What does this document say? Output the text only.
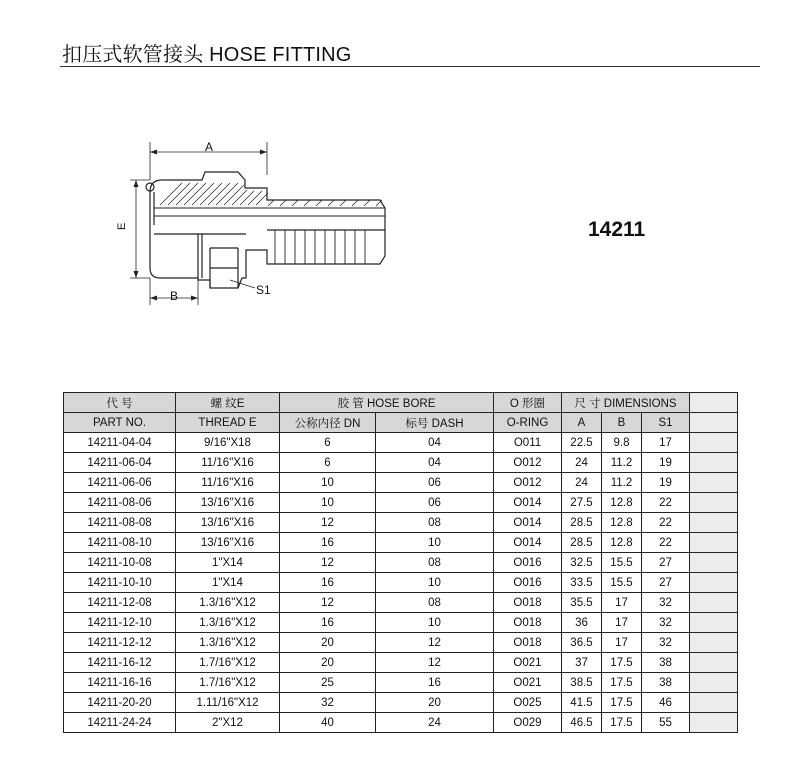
扣压式软管接头 HOSE FITTING
A
E
B	S1
14211
代 号	螺 纹E	胶 管 HOSE BORE		O 形圈	尺 寸 DIMENSIONS			
PART NO.	THREAD E	公称内径 DN	标号 DASH	O-RING	A	B	S1	
14211-04-04	9/16"X18	6	04	O011	22.5	9.8	17	
14211-06-04	11/16"X16	6	04	O012	24	11.2	19	
14211-06-06	11/16"X16	10	06	O012	24	11.2	19	
14211-08-06	13/16"X16	10	06	O014	27.5	12.8	22	
14211-08-08	13/16"X16	12	08	O014	28.5	12.8	22	
14211-08-10	13/16"X16	16	10	O014	28.5	12.8	22	
14211-10-08	1"X14	12	08	O016	32.5	15.5	27	
14211-10-10	1"X14	16	10	O016	33.5	15.5	27	
14211-12-08	1.3/16"X12	12	08	O018	35.5	17	32	
14211-12-10	1.3/16"X12	16	10	O018	36	17	32	
14211-12-12	1.3/16"X12	20	12	O018	36.5	17	32	
14211-16-12	1.7/16"X12	20	12	O021	37	17.5	38	
14211-16-16	1.7/16"X12	25	16	O021	38.5	17.5	38	
14211-20-20	1.11/16"X12	32	20	O025	41.5	17.5	46	
14211-24-24	2"X12	40	24	O029	46.5	17.5	55	
